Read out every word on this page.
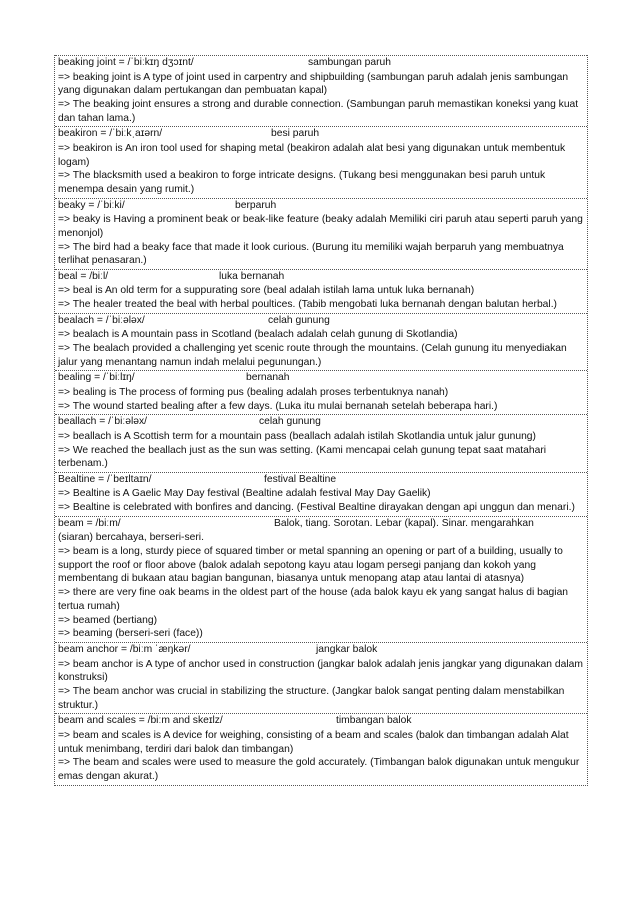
beaking joint = /ˈbiːkɪŋ dʒɔɪnt/	sambungan paruh
=> beaking joint is A type of joint used in carpentry and shipbuilding (sambungan paruh adalah jenis sambungan yang digunakan dalam pertukangan dan pembuatan kapal)
=> The beaking joint ensures a strong and durable connection. (Sambungan paruh memastikan koneksi yang kuat dan tahan lama.)
beakiron = /ˈbiːkˌaɪərn/	besi paruh
=> beakiron is An iron tool used for shaping metal (beakiron adalah alat besi yang digunakan untuk membentuk logam)
=> The blacksmith used a beakiron to forge intricate designs. (Tukang besi menggunakan besi paruh untuk menempa desain yang rumit.)
beaky = /ˈbiːki/	berparuh
=> beaky is Having a prominent beak or beak-like feature (beaky adalah Memiliki ciri paruh atau seperti paruh yang menonjol)
=> The bird had a beaky face that made it look curious. (Burung itu memiliki wajah berparuh yang membuatnya terlihat penasaran.)
beal = /biːl/	luka bernanah
=> beal is An old term for a suppurating sore (beal adalah istilah lama untuk luka bernanah)
=> The healer treated the beal with herbal poultices. (Tabib mengobati luka bernanah dengan balutan herbal.)
bealach = /ˈbiːələx/	celah gunung
=> bealach is A mountain pass in Scotland (bealach adalah celah gunung di Skotlandia)
=> The bealach provided a challenging yet scenic route through the mountains. (Celah gunung itu menyediakan jalur yang menantang namun indah melalui pegunungan.)
bealing = /ˈbiːlɪŋ/	bernanah
=> bealing is The process of forming pus (bealing adalah proses terbentuknya nanah)
=> The wound started bealing after a few days. (Luka itu mulai bernanah setelah beberapa hari.)
beallach = /ˈbiːələx/	celah gunung
=> beallach is A Scottish term for a mountain pass (beallach adalah istilah Skotlandia untuk jalur gunung)
=> We reached the beallach just as the sun was setting. (Kami mencapai celah gunung tepat saat matahari terbenam.)
Bealtine = /ˈbeɪltaɪn/	festival Bealtine
=> Bealtine is A Gaelic May Day festival (Bealtine adalah festival May Day Gaelik)
=> Bealtine is celebrated with bonfires and dancing. (Festival Bealtine dirayakan dengan api unggun dan menari.)
beam = /biːm/	Balok, tiang. Sorotan. Lebar (kapal). Sinar. mengarahkan
(siaran) bercahaya, berseri-seri.
=> beam is a long, sturdy piece of squared timber or metal spanning an opening or part of a building, usually to support the roof or floor above (balok adalah sepotong kayu atau logam persegi panjang dan kokoh yang membentang di bukaan atau bagian bangunan, biasanya untuk menopang atap atau lantai di atasnya)
=> there are very fine oak beams in the oldest part of the house (ada balok kayu ek yang sangat halus di bagian tertua rumah)
=> beamed (bertiang)
=> beaming (berseri-seri (face))
beam anchor = /biːm ˈæŋkər/	jangkar balok
=> beam anchor is A type of anchor used in construction (jangkar balok adalah jenis jangkar yang digunakan dalam konstruksi)
=> The beam anchor was crucial in stabilizing the structure. (Jangkar balok sangat penting dalam menstabilkan struktur.)
beam and scales = /biːm and skeɪlz/	timbangan balok
=> beam and scales is A device for weighing, consisting of a beam and scales (balok dan timbangan adalah Alat untuk menimbang, terdiri dari balok dan timbangan)
=> The beam and scales were used to measure the gold accurately. (Timbangan balok digunakan untuk mengukur emas dengan akurat.)
